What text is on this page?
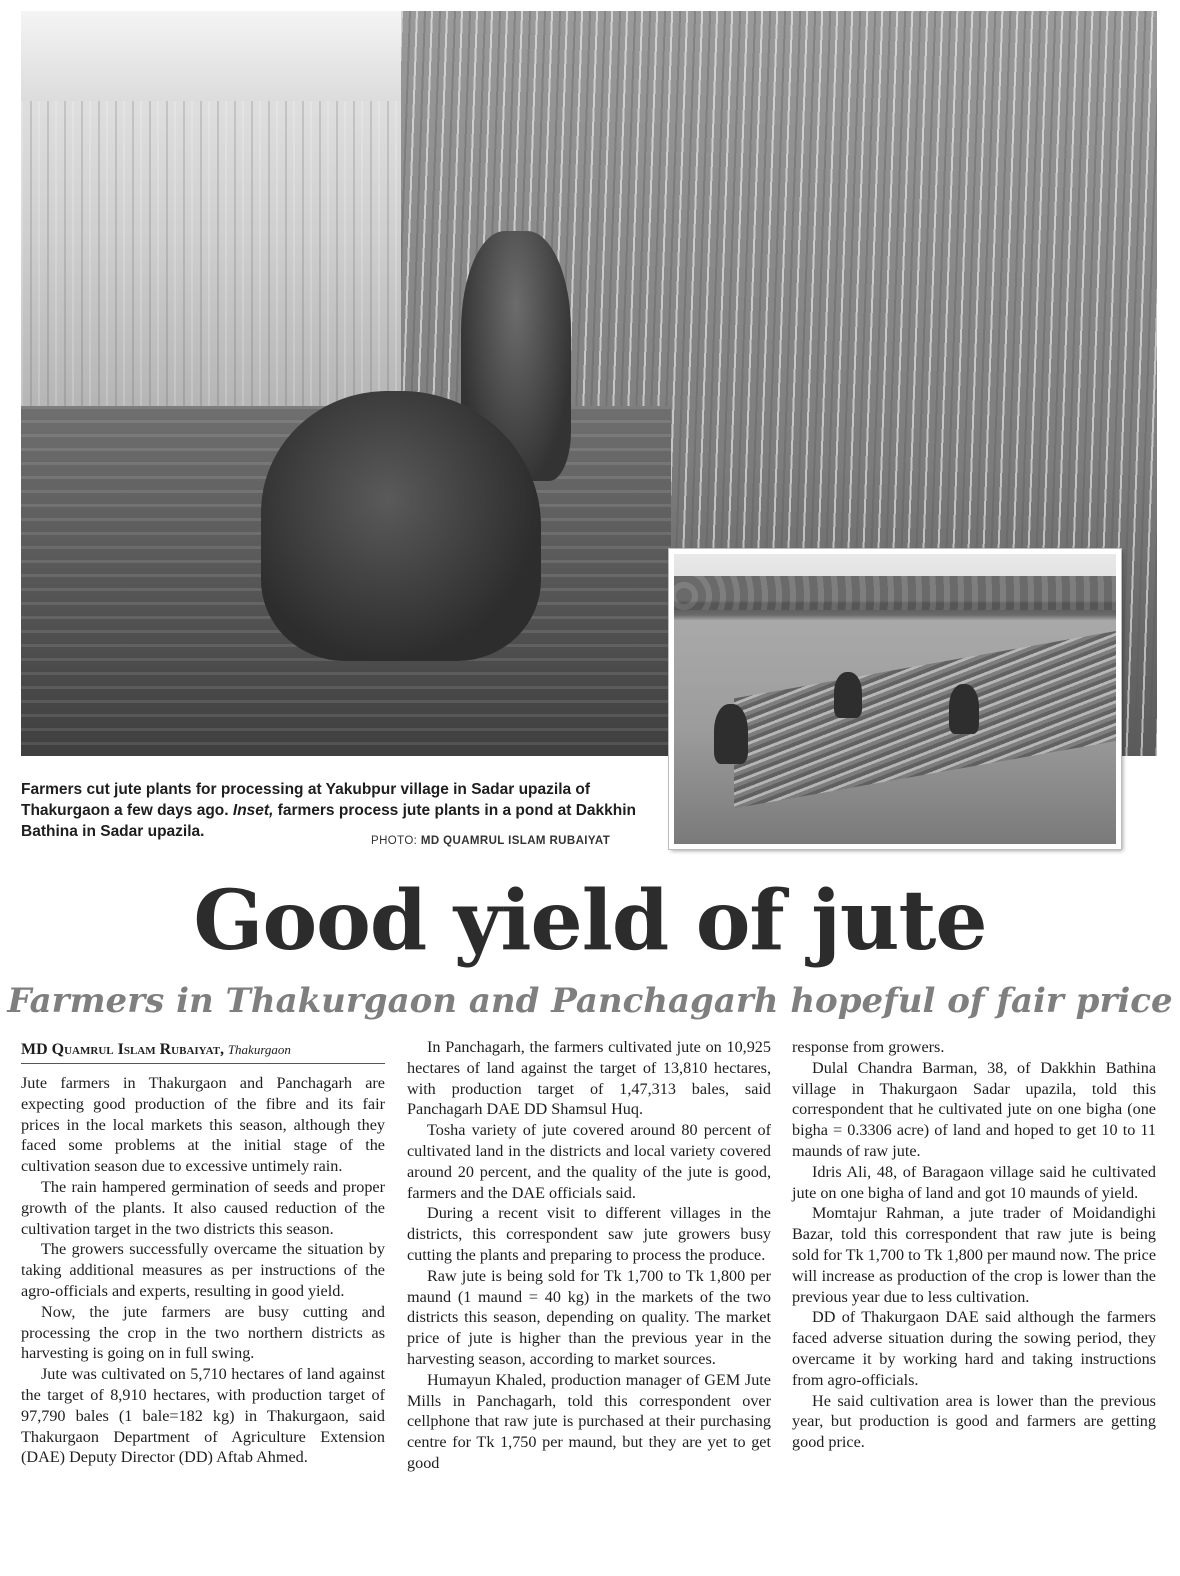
Farmers cut jute plants for processing at Yakubpur village in Sadar upazila of Thakurgaon a few days ago. Inset, farmers process jute plants in a pond at Dakkhin Bathina in Sadar upazila.
PHOTO: MD QUAMRUL ISLAM RUBAIYAT
Good yield of jute
Farmers in Thakurgaon and Panchagarh hopeful of fair price
MD Quamrul Islam Rubaiyat, Thakurgaon

Jute farmers in Thakurgaon and Panchagarh are expecting good production of the fibre and its fair prices in the local markets this season, although they faced some problems at the initial stage of the cultivation season due to excessive untimely rain.

The rain hampered germination of seeds and proper growth of the plants. It also caused reduction of the cultivation target in the two districts this season.

The growers successfully overcame the situation by taking additional measures as per instructions of the agro-officials and experts, resulting in good yield.

Now, the jute farmers are busy cutting and processing the crop in the two northern districts as harvesting is going on in full swing.

Jute was cultivated on 5,710 hectares of land against the target of 8,910 hectares, with production target of 97,790 bales (1 bale=182 kg) in Thakurgaon, said Thakurgaon Department of Agriculture Extension (DAE) Deputy Director (DD) Aftab Ahmed.

In Panchagarh, the farmers cultivated jute on 10,925 hectares of land against the target of 13,810 hectares, with production target of 1,47,313 bales, said Panchagarh DAE DD Shamsul Huq.

Tosha variety of jute covered around 80 percent of cultivated land in the districts and local variety covered around 20 percent, and the quality of the jute is good, farmers and the DAE officials said.

During a recent visit to different villages in the districts, this correspondent saw jute growers busy cutting the plants and preparing to process the produce.

Raw jute is being sold for Tk 1,700 to Tk 1,800 per maund (1 maund = 40 kg) in the markets of the two districts this season, depending on quality. The market price of jute is higher than the previous year in the harvesting season, according to market sources.

Humayun Khaled, production manager of GEM Jute Mills in Panchagarh, told this correspondent over cellphone that raw jute is purchased at their purchasing centre for Tk 1,750 per maund, but they are yet to get good

response from growers.

Dulal Chandra Barman, 38, of Dakkhin Bathina village in Thakurgaon Sadar upazila, told this correspondent that he cultivated jute on one bigha (one bigha = 0.3306 acre) of land and hoped to get 10 to 11 maunds of raw jute.

Idris Ali, 48, of Baragaon village said he cultivated jute on one bigha of land and got 10 maunds of yield.

Momtajur Rahman, a jute trader of Moidandighi Bazar, told this correspondent that raw jute is being sold for Tk 1,700 to Tk 1,800 per maund now. The price will increase as production of the crop is lower than the previous year due to less cultivation.

DD of Thakurgaon DAE said although the farmers faced adverse situation during the sowing period, they overcame it by working hard and taking instructions from agro-officials.

He said cultivation area is lower than the previous year, but production is good and farmers are getting good price.
